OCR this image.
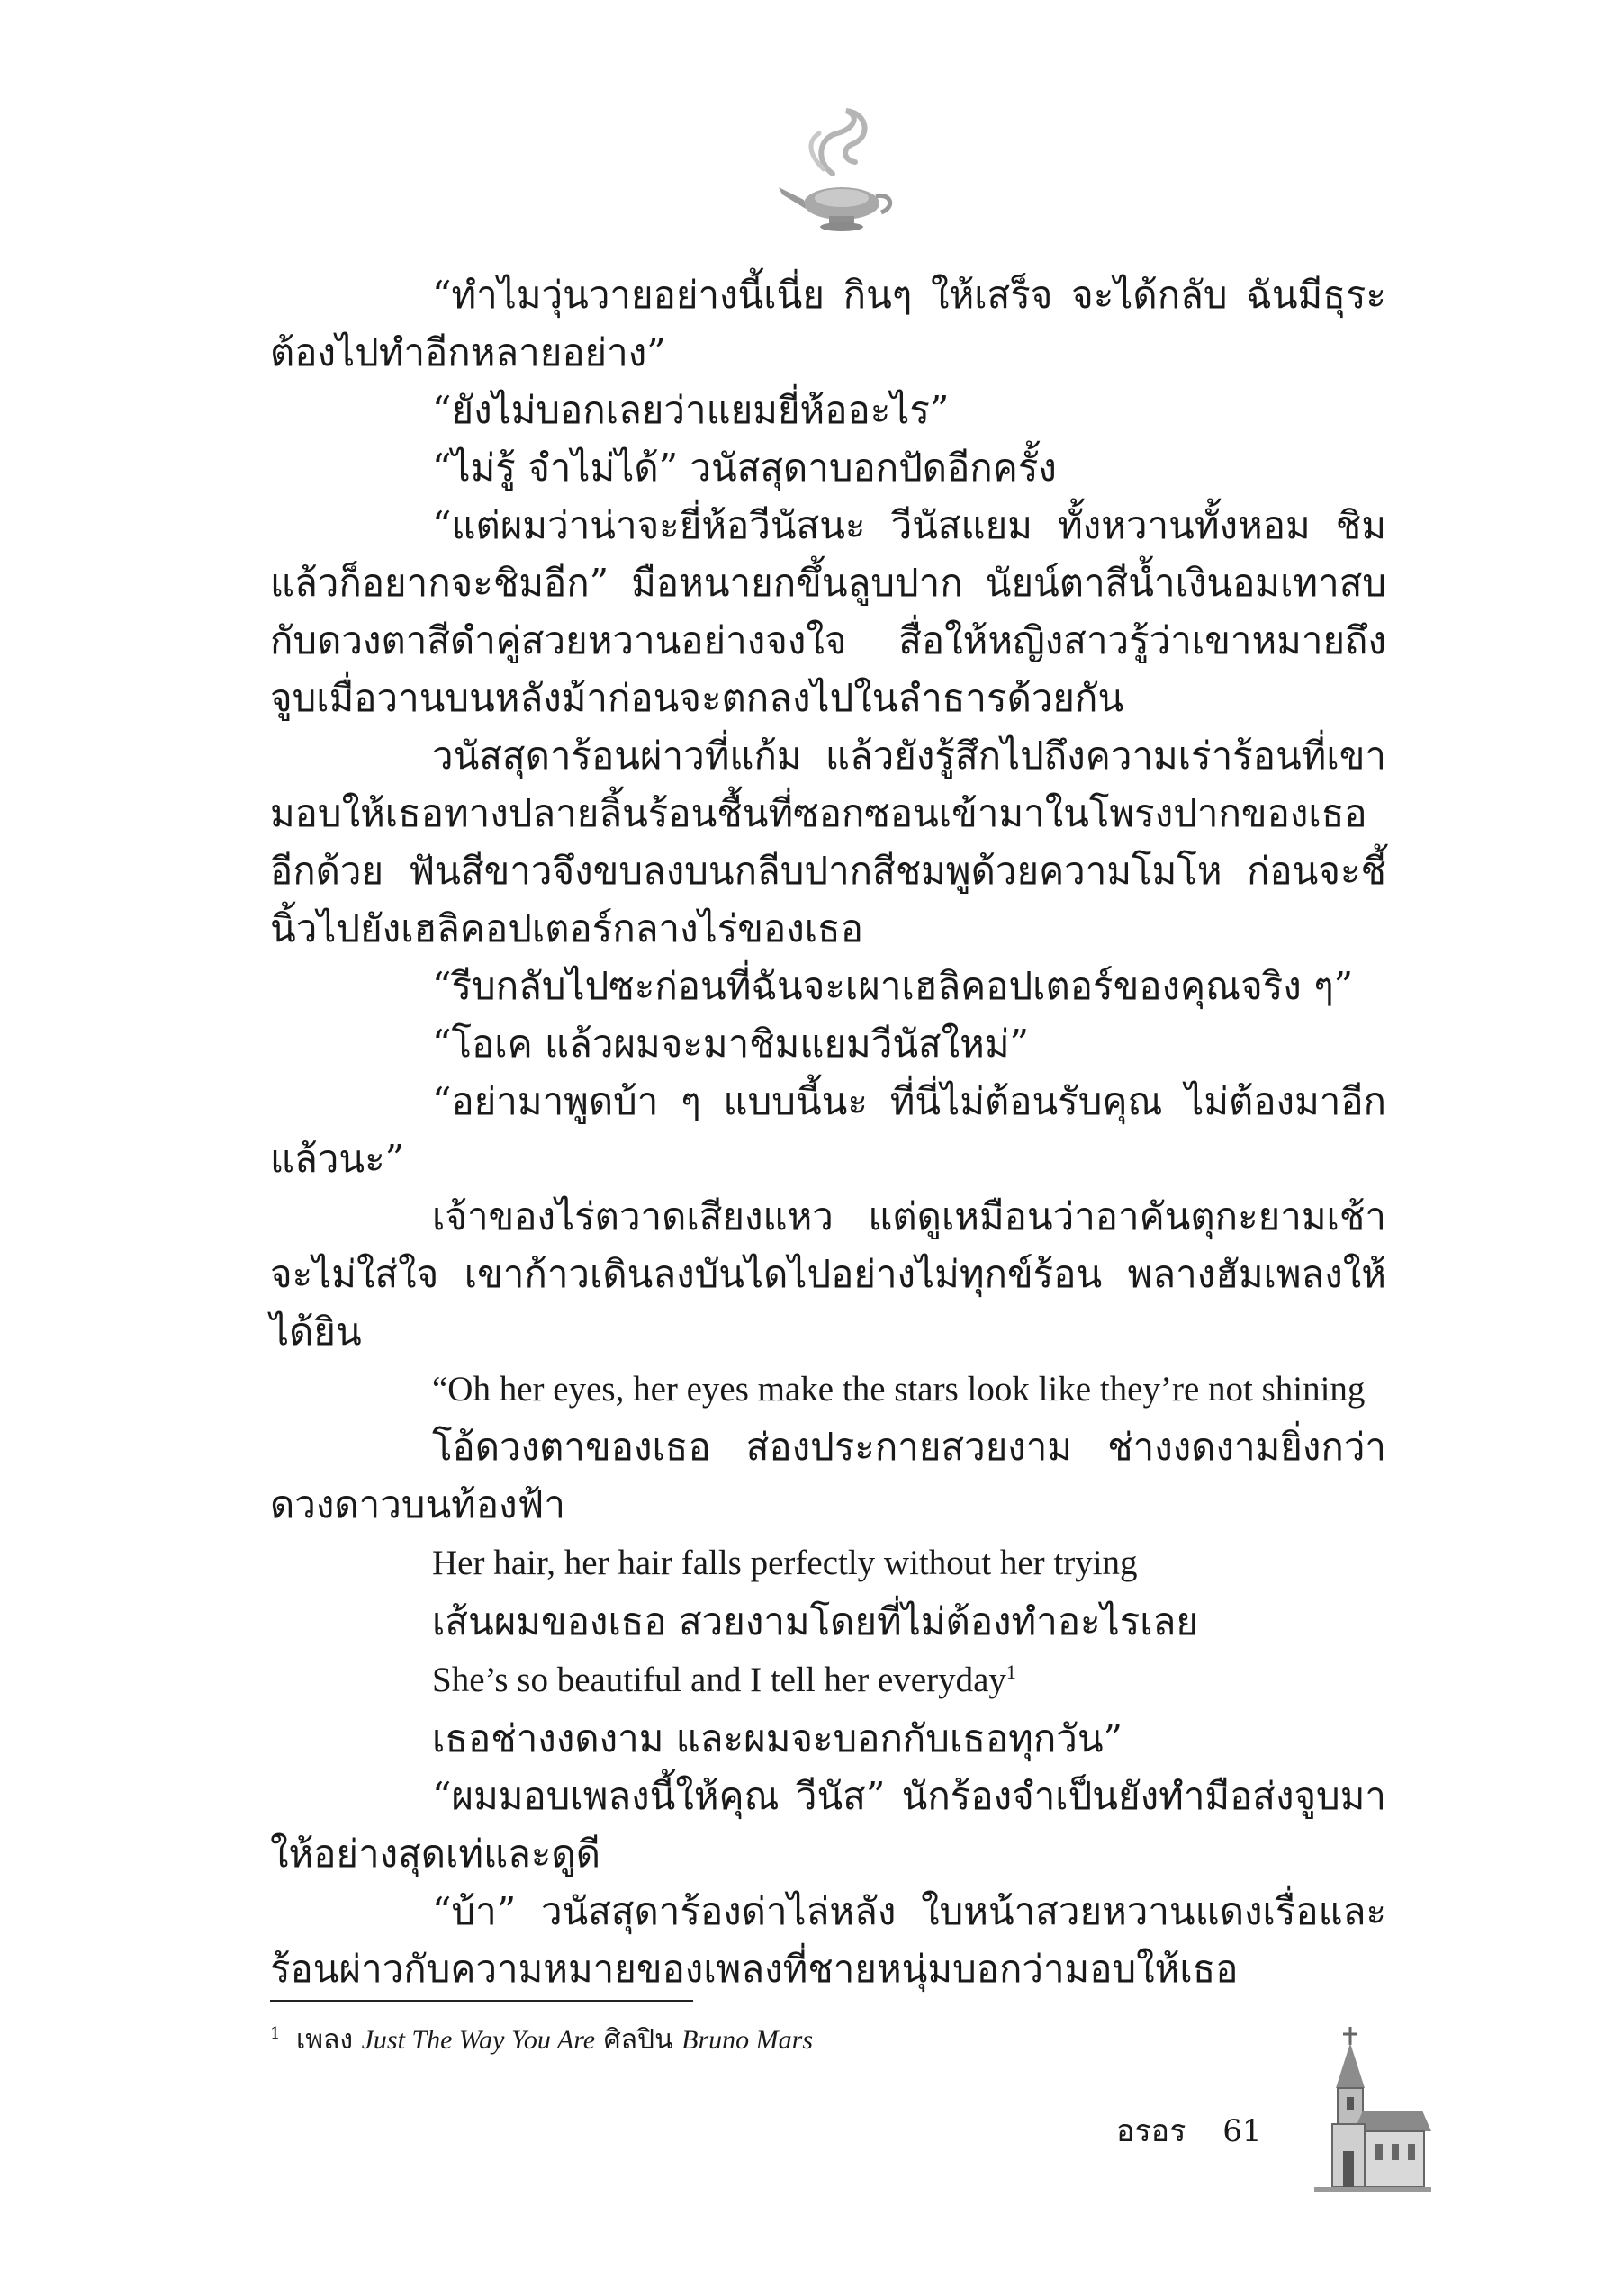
“ทำไมวุ่นวายอย่างนี้เนี่ย กินๆ ให้เสร็จ จะได้กลับ ฉันมีธุระต้องไปทำอีกหลายอย่าง”

“ยังไม่บอกเลยว่าแยมยี่ห้ออะไร”

“ไม่รู้ จำไม่ได้” วนัสสุดาบอกปัดอีกครั้ง

“แต่ผมว่าน่าจะยี่ห้อวีนัสนะ วีนัสแยม ทั้งหวานทั้งหอม ชิมแล้วก็อยากจะชิมอีก” มือหนายกขึ้นลูบปาก นัยน์ตาสีน้ำเงินอมเทาสบกับดวงตาสีดำคู่สวยหวานอย่างจงใจ สื่อให้หญิงสาวรู้ว่าเขาหมายถึงจูบเมื่อวานบนหลังม้าก่อนจะตกลงไปในลำธารด้วยกัน

วนัสสุดาร้อนผ่าวที่แก้ม แล้วยังรู้สึกไปถึงความเร่าร้อนที่เขามอบให้เธอทางปลายลิ้นร้อนชื้นที่ซอกซอนเข้ามาในโพรงปากของเธออีกด้วย ฟันสีขาวจึงขบลงบนกลีบปากสีชมพูด้วยความโมโห ก่อนจะชี้นิ้วไปยังเฮลิคอปเตอร์กลางไร่ของเธอ

“รีบกลับไปซะก่อนที่ฉันจะเผาเฮลิคอปเตอร์ของคุณจริง ๆ”

“โอเค แล้วผมจะมาชิมแยมวีนัสใหม่”

“อย่ามาพูดบ้า ๆ แบบนี้นะ ที่นี่ไม่ต้อนรับคุณ ไม่ต้องมาอีกแล้วนะ”

เจ้าของไร่ตวาดเสียงแหว แต่ดูเหมือนว่าอาคันตุกะยามเช้าจะไม่ใส่ใจ เขาก้าวเดินลงบันไดไปอย่างไม่ทุกข์ร้อน พลางฮัมเพลงให้ได้ยิน

“Oh her eyes, her eyes make the stars look like they’re not shining

โอ้ดวงตาของเธอ ส่องประกายสวยงาม ช่างงดงามยิ่งกว่าดวงดาวบนท้องฟ้า

Her hair, her hair falls perfectly without her trying

เส้นผมของเธอ สวยงามโดยที่ไม่ต้องทำอะไรเลย

She’s so beautiful and I tell her everyday$^1$

เธอช่างงดงาม และผมจะบอกกับเธอทุกวัน”

“ผมมอบเพลงนี้ให้คุณ วีนัส” นักร้องจำเป็นยังทำมือส่งจูบมาให้อย่างสุดเท่และดูดี

“บ้า” วนัสสุดาร้องด่าไล่หลัง ใบหน้าสวยหวานแดงเรื่อและร้อนผ่าวกับความหมายของเพลงที่ชายหนุ่มบอกว่ามอบให้เธอ

$^1$ เพลง Just The Way You Are ศิลปิน Bruno Mars
อรอร 61
